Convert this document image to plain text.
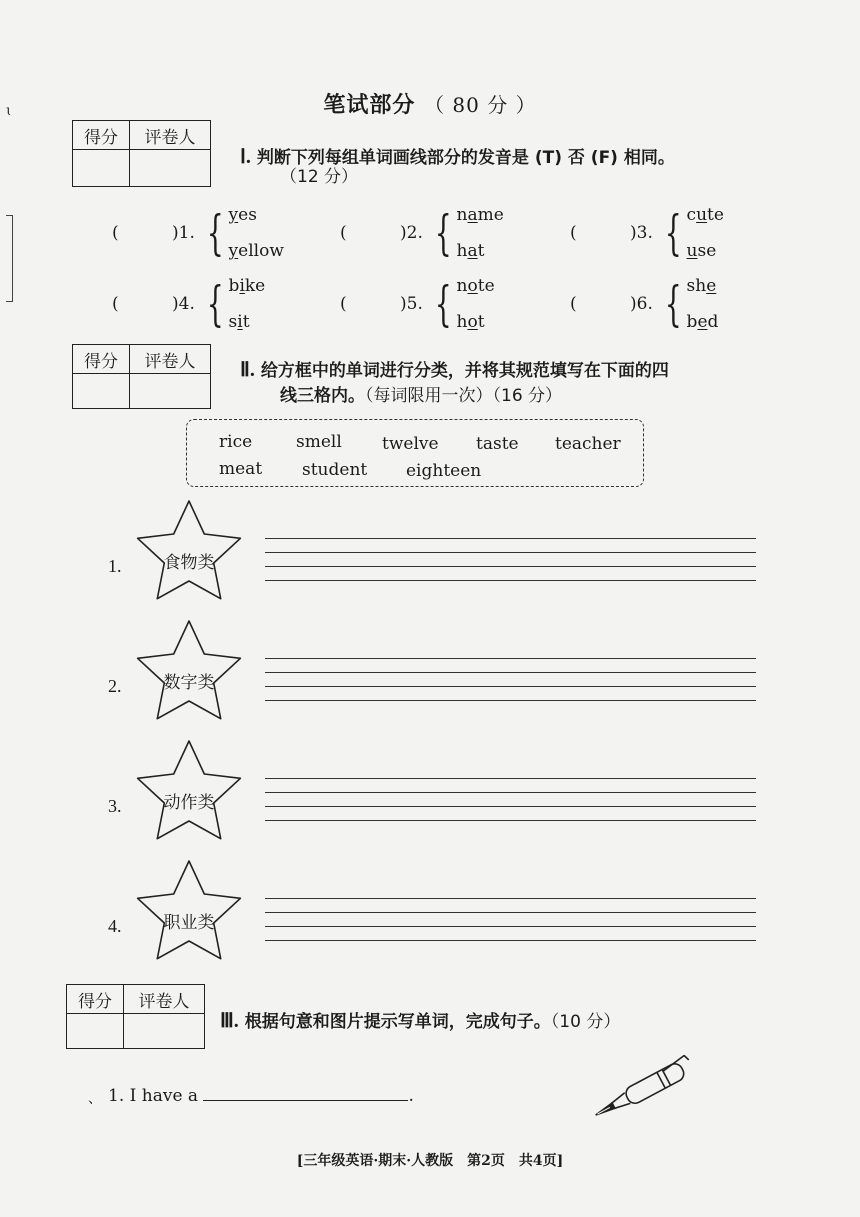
笔试部分 （ 80 分 ）
ɩ
得分	评卷人

Ⅰ. 判断下列每组单词画线部分的发音是 (T) 否 (F) 相同。
（12 分）
(	)1. { yes
yellow
(	)2. { name
hat
(	)3. { cute
use
(	)4. { bike
sit
(	)5. { note
hot
(	)6. { she
bed
得分	评卷人
	Ⅱ. 给方框中的单词进行分类，并将其规范填写在下面的四
线三格内。（每词限用一次）（16 分）
rice	smell twelve taste teacher
meat student eighteen
1.	食物类
2.	数字类
3.	动作类
4.	职业类
得分	评卷人

Ⅲ. 根据句意和图片提示写单词，完成句子。（10 分）
、 1. I have a	.
[三年级英语·期末·人教版　第2页　共4页]
